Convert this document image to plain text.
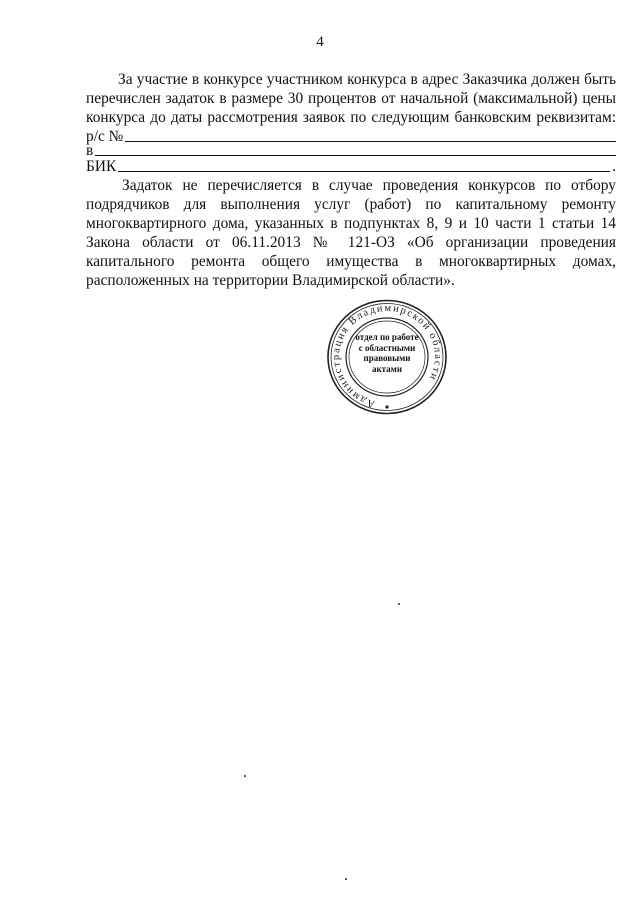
4
За участие в конкурсе участником конкурса в адрес Заказчика должен быть
перечислен задаток в размере 30 процентов от начальной (максимальной) цены
конкурса до даты рассмотрения заявок по следующим банковским реквизитам:
р/с №
в
БИК	.
Задаток не перечисляется в случае проведения конкурсов по отбору
подрядчиков для выполнения услуг (работ) по капитальному ремонту
многоквартирного дома, указанных в подпунктах 8, 9 и 10 части 1 статьи 14
Закона области от 06.11.2013 № 121-ОЗ «Об организации проведения
капитального ремонта общего имущества в многоквартирных домах,
расположенных на территории Владимирской области».
Администрация Владимирской области
отдел по работе
с областными
правовыми
актами
